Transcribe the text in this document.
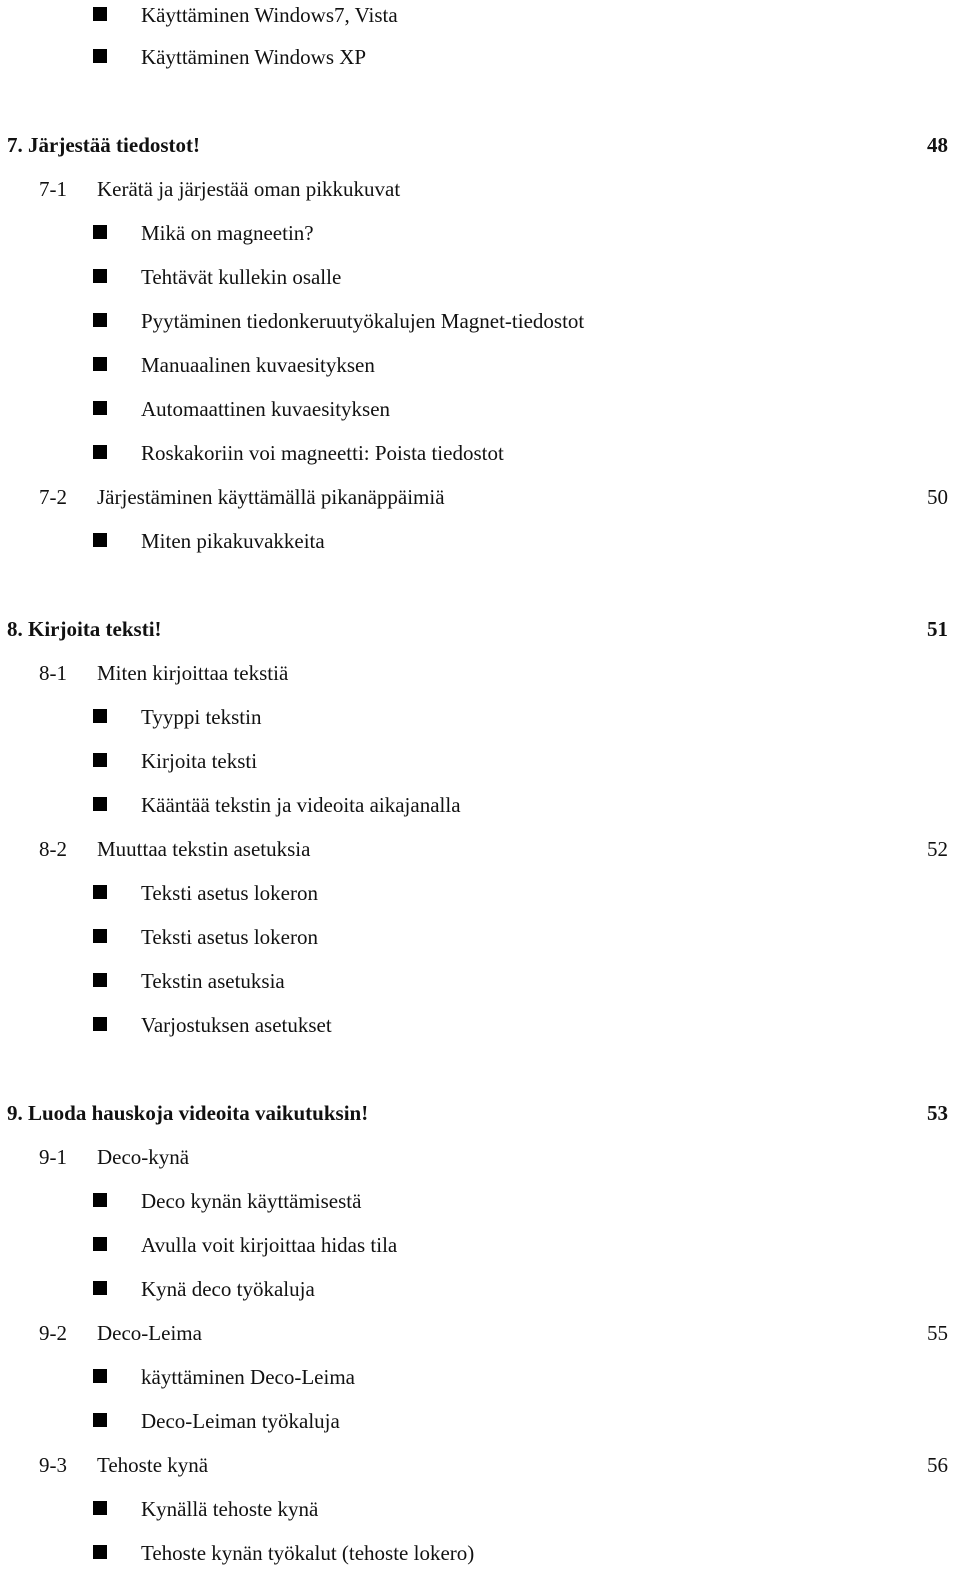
Käyttäminen Windows7, Vista
Käyttäminen Windows XP
7. Järjestää tiedostot!	48
7-1 Kerätä ja järjestää oman pikkukuvat
Mikä on magneetin?
Tehtävät kullekin osalle
Pyytäminen tiedonkeruutyökalujen Magnet-tiedostot
Manuaalinen kuvaesityksen
Automaattinen kuvaesityksen
Roskakoriin voi magneetti: Poista tiedostot
7-2 Järjestäminen käyttämällä pikanäppäimiä	50
Miten pikakuvakkeita
8. Kirjoita teksti!	51
8-1 Miten kirjoittaa tekstiä
Tyyppi tekstin
Kirjoita teksti
Kääntää tekstin ja videoita aikajanalla
8-2 Muuttaa tekstin asetuksia	52
Teksti asetus lokeron
Teksti asetus lokeron
Tekstin asetuksia
Varjostuksen asetukset
9. Luoda hauskoja videoita vaikutuksin!	53
9-1 Deco-kynä
Deco kynän käyttämisestä
Avulla voit kirjoittaa hidas tila
Kynä deco työkaluja
9-2 Deco-Leima	55
käyttäminen Deco-Leima
Deco-Leiman työkaluja
9-3 Tehoste kynä	56
Kynällä tehoste kynä
Tehoste kynän työkalut (tehoste lokero)
